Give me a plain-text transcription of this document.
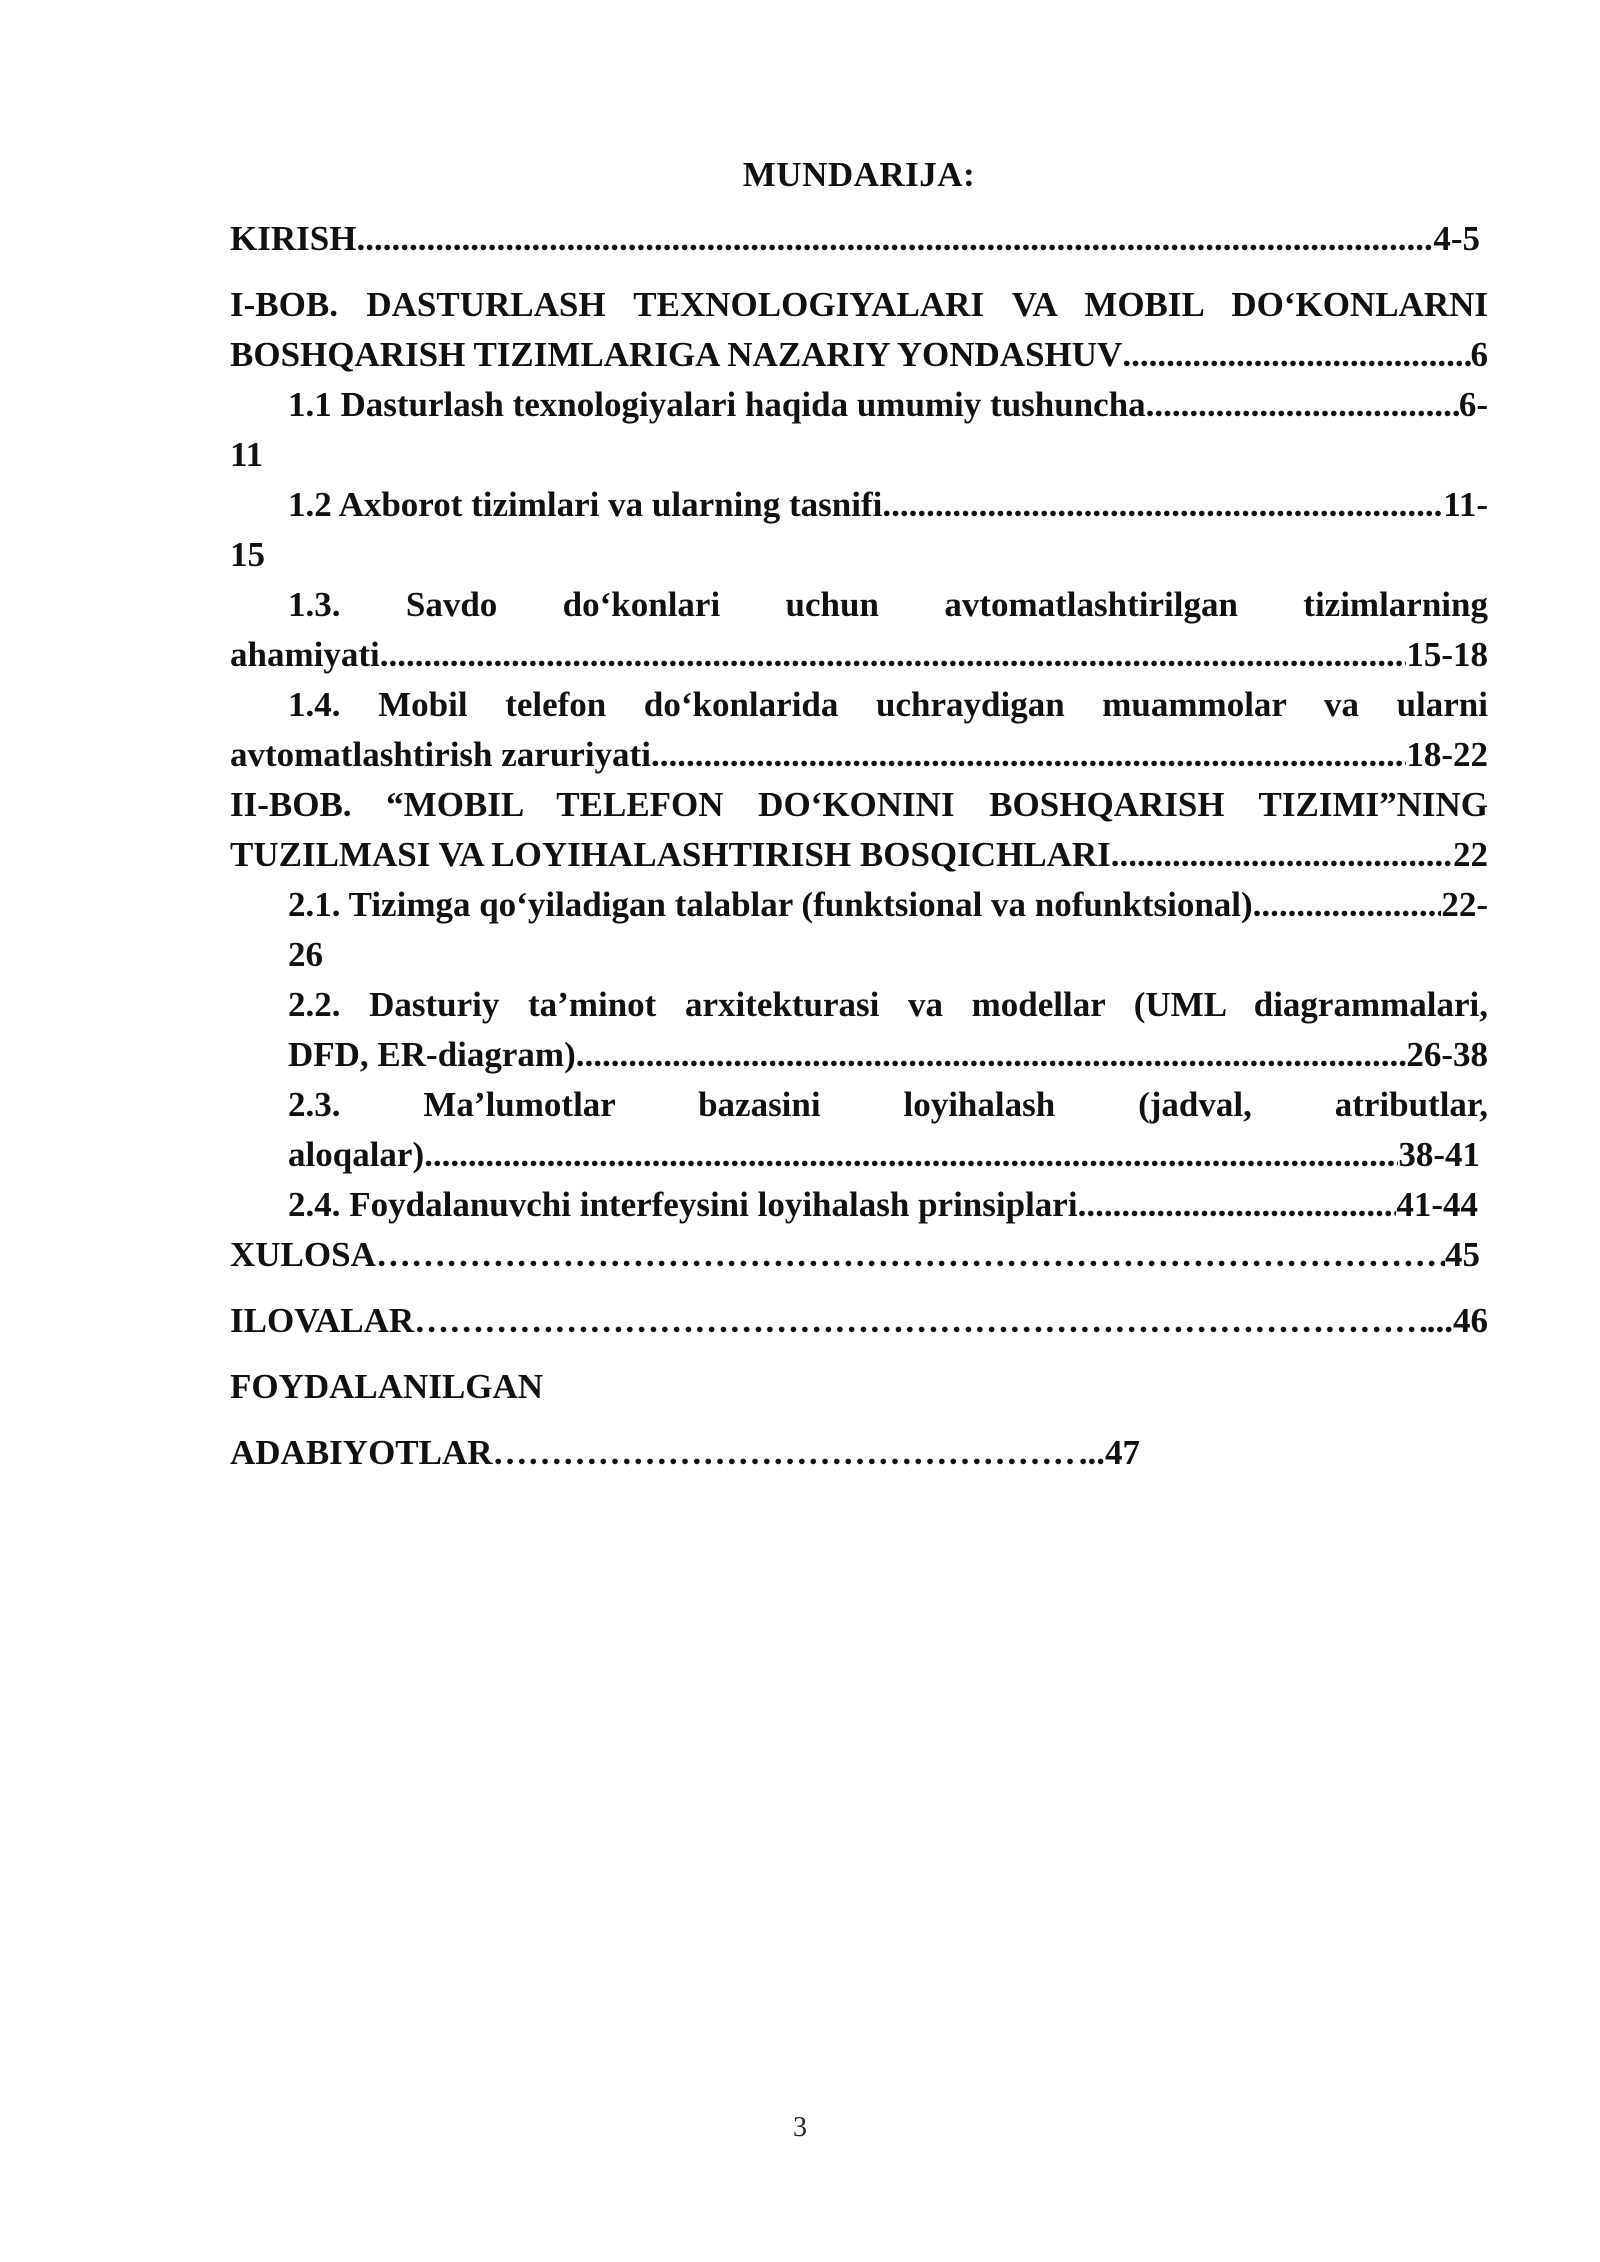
MUNDARIJA:
KIRISH .....	4-5
I-BOB. DASTURLASH TEXNOLOGIYALARI VA MOBIL DO‘KONLARNI
BOSHQARISH TIZIMLARIGA NAZARIY YONDASHUV .....	6
1.1 Dasturlash texnologiyalari haqida umumiy tushuncha .....	6-
11
1.2 Axborot tizimlari va ularning tasnifi .....	11-
15
1.3. Savdo do‘konlari uchun avtomatlashtirilgan tizimlarning
ahamiyati .....	15-18
1.4. Mobil telefon do‘konlarida uchraydigan muammolar va ularni
avtomatlashtirish zaruriyati .....	18-22
II-BOB. “MOBIL TELEFON DO‘KONINI BOSHQARISH TIZIMI”NING
TUZILMASI VA LOYIHALASHTIRISH BOSQICHLARI .....	22
2.1. Tizimga qo‘yiladigan talablar (funktsional va nofunktsional) .....	22-
26
2.2. Dasturiy ta’minot arxitekturasi va modellar (UML diagrammalari,
DFD, ER-diagram) .....	26-38
2.3. Ma’lumotlar bazasini loyihalash (jadval, atributlar,
aloqalar) .....	38-41
2.4. Foydalanuvchi interfeysini loyihalash prinsiplari .....	41-44
XULOSA ……………………………………………………………………………………………………………………………………………………………………………………………………	45
ILOVALAR ……………………………………………………………………………………………………………………………………………………………………………………………………	...46
FOYDALANILGAN
ADABIYOTLAR ……………………………………………………………………………………………………………………………………………………………………………………………………	...47
3
